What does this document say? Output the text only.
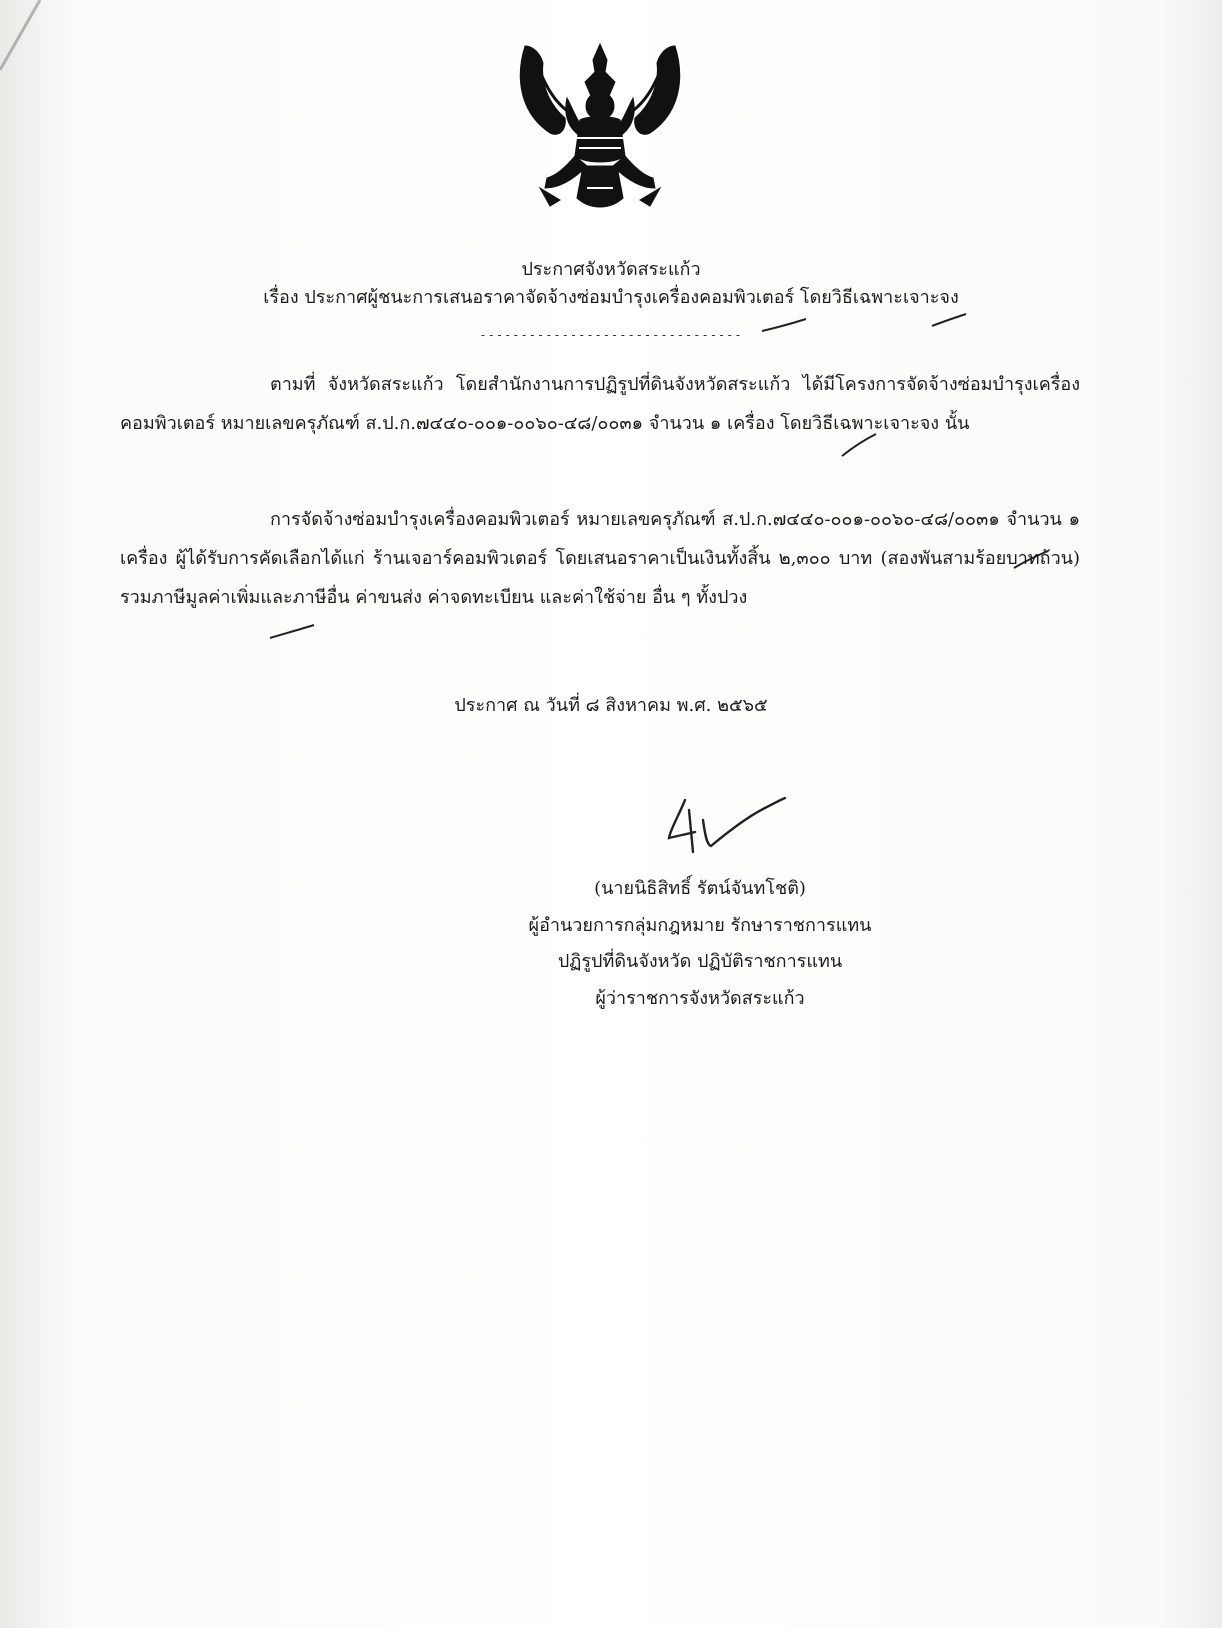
ประกาศจังหวัดสระแก้ว
เรื่อง ประกาศผู้ชนะการเสนอราคาจัดจ้างซ่อมบำรุงเครื่องคอมพิวเตอร์ โดยวิธีเฉพาะเจาะจง
--------------------------------

ตามที่ จังหวัดสระแก้ว โดยสำนักงานการปฏิรูปที่ดินจังหวัดสระแก้ว ได้มีโครงการจัดจ้างซ่อมบำรุงเครื่องคอมพิวเตอร์ หมายเลขครุภัณฑ์ ส.ป.ก.๗๔๔๐-๐๐๑-๐๐๖๐-๔๘/๐๐๓๑ จำนวน ๑ เครื่อง โดยวิธีเฉพาะเจาะจง นั้น

การจัดจ้างซ่อมบำรุงเครื่องคอมพิวเตอร์ หมายเลขครุภัณฑ์ ส.ป.ก.๗๔๔๐-๐๐๑-๐๐๖๐-๔๘/๐๐๓๑ จำนวน ๑ เครื่อง ผู้ได้รับการคัดเลือกได้แก่ ร้านเจอาร์คอมพิวเตอร์ โดยเสนอราคาเป็นเงินทั้งสิ้น ๒,๓๐๐ บาท (สองพันสามร้อยบาทถ้วน) รวมภาษีมูลค่าเพิ่มและภาษีอื่น ค่าขนส่ง ค่าจดทะเบียน และค่าใช้จ่าย อื่น ๆ ทั้งปวง

ประกาศ ณ วันที่ ๘ สิงหาคม พ.ศ. ๒๕๖๕
(นายนิธิสิทธิ์ รัตน์จันทโชติ)
ผู้อำนวยการกลุ่มกฎหมาย รักษาราชการแทน
ปฏิรูปที่ดินจังหวัด ปฏิบัติราชการแทน
ผู้ว่าราชการจังหวัดสระแก้ว
